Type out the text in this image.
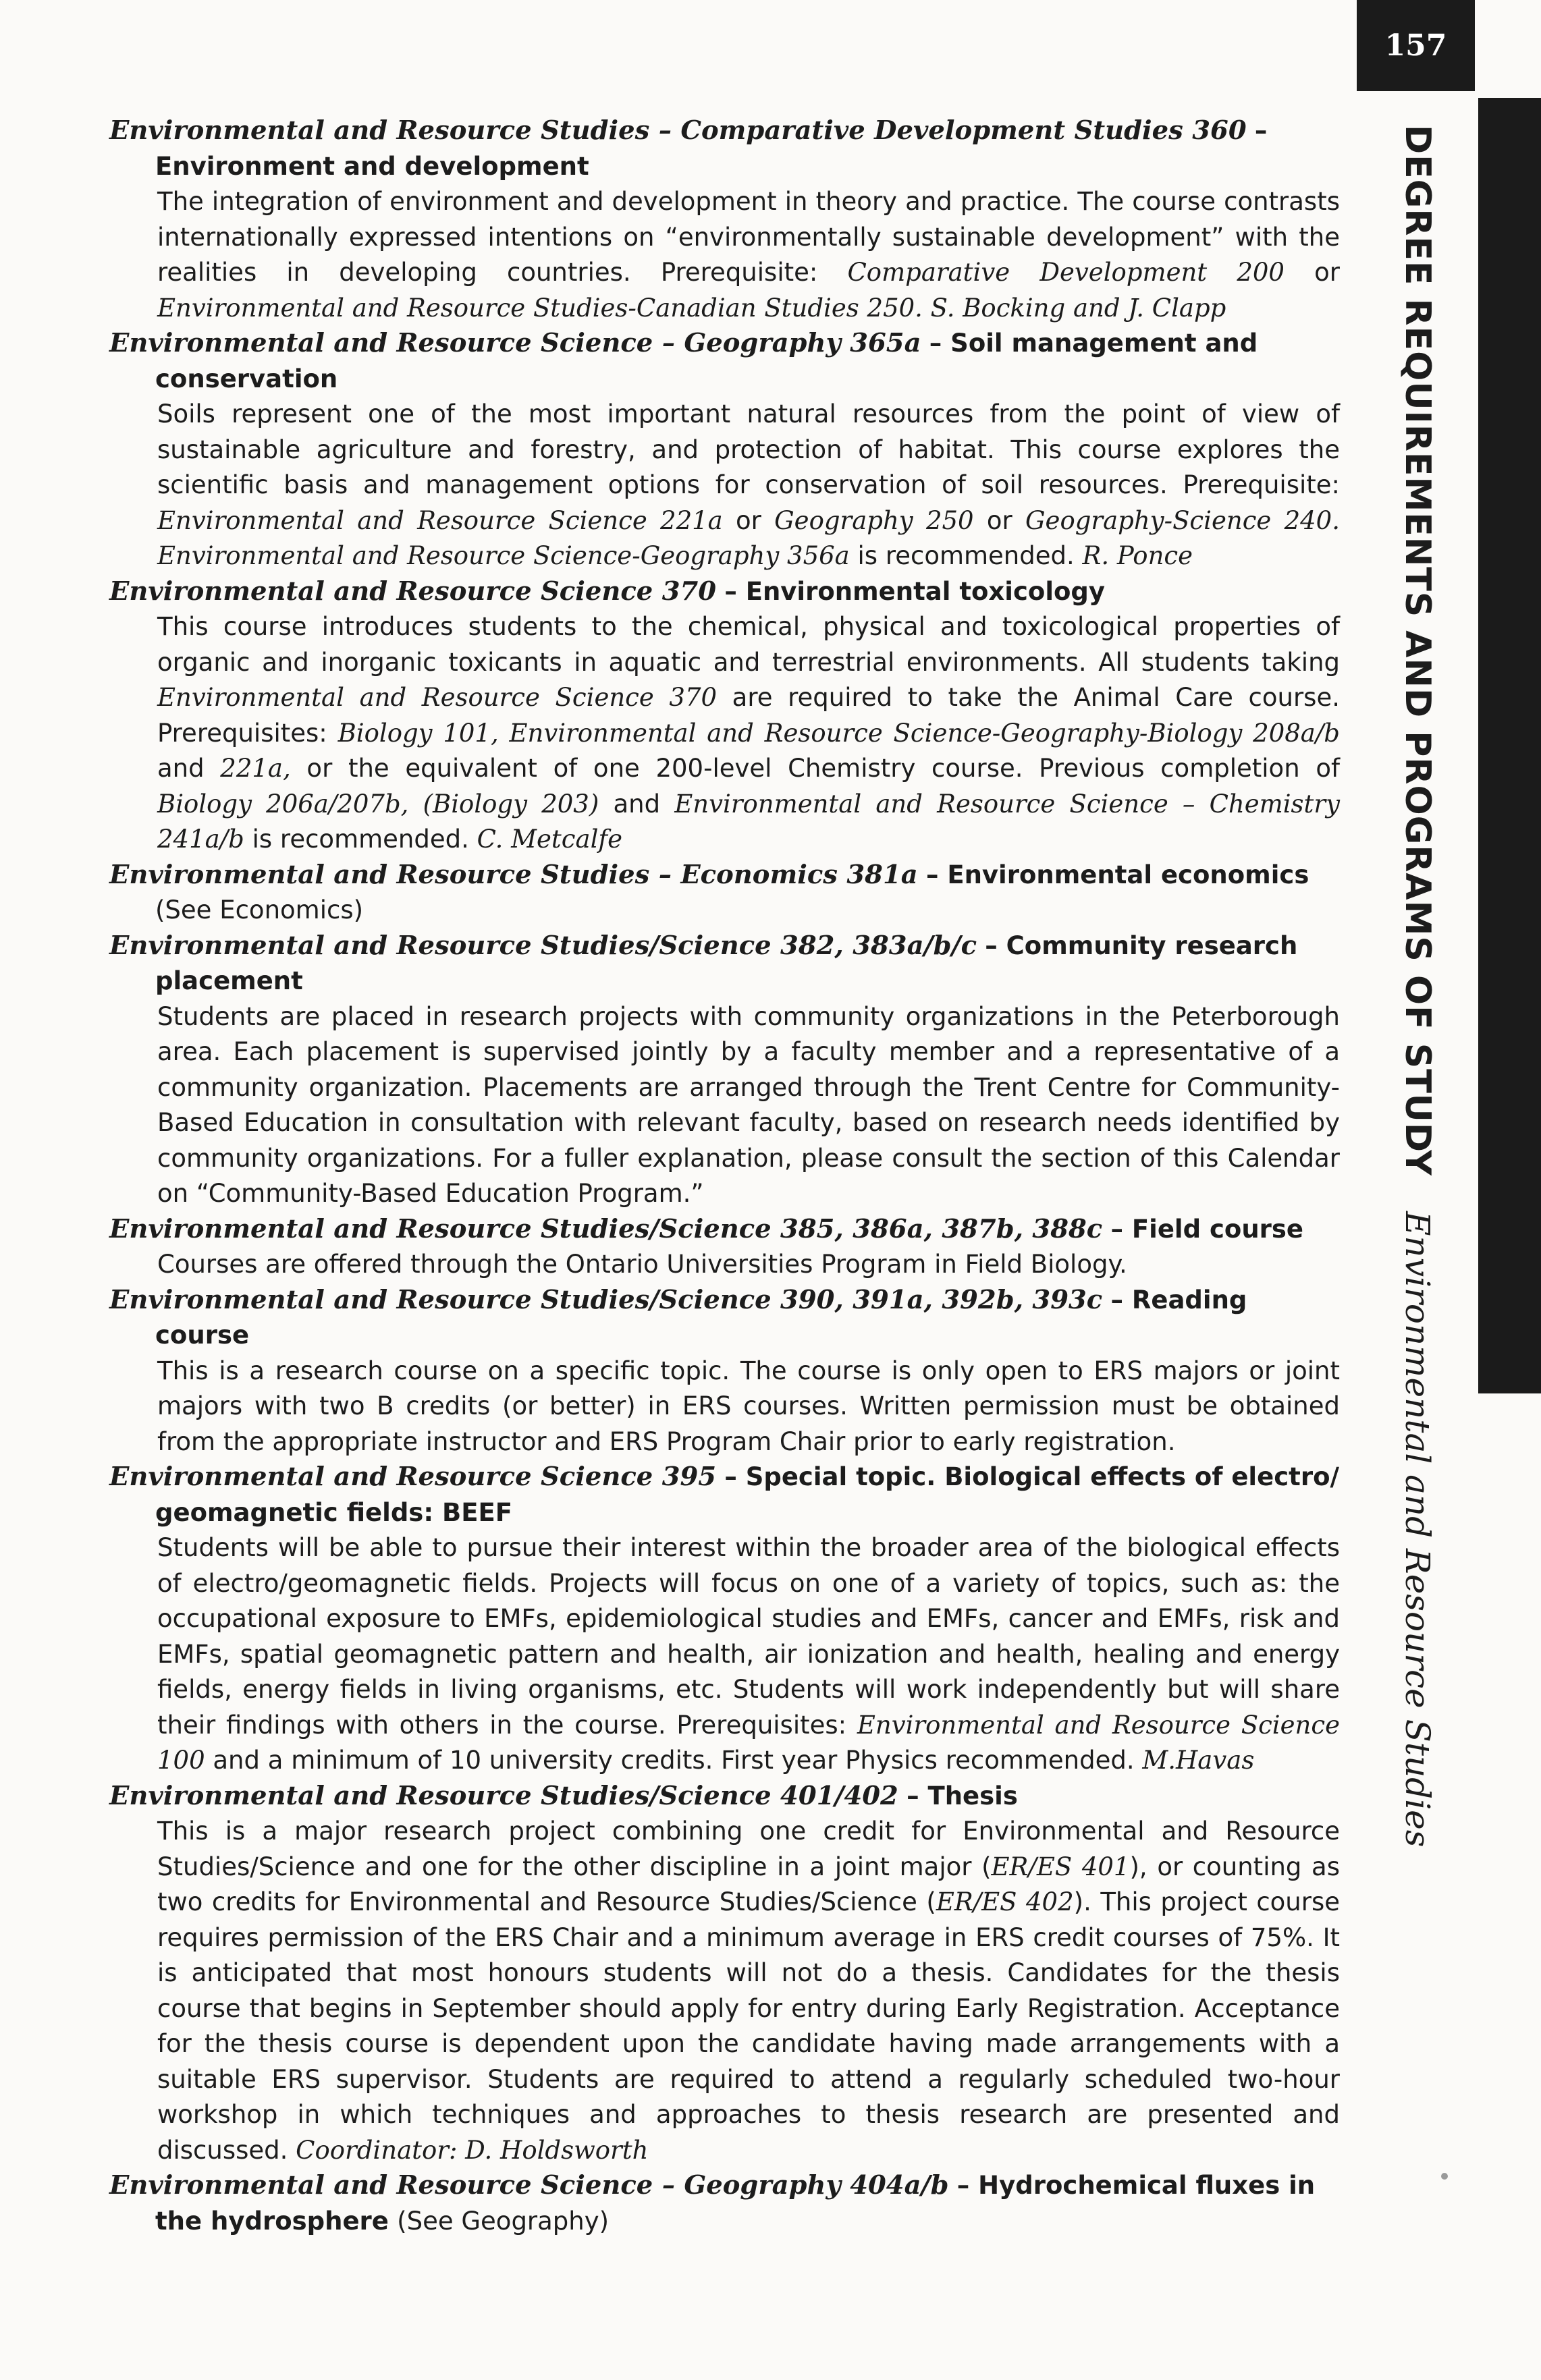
157
DEGREE REQUIREMENTS AND PROGRAMS OF STUDY Environmental and Resource Studies
Environmental and Resource Studies – Comparative Development Studies 360 – Environment and development
The integration of environment and development in theory and practice. The course contrasts internationally expressed intentions on “environmentally sustainable development” with the realities in developing countries. Prerequisite: Comparative Development 200 or Environmental and Resource Studies-Canadian Studies 250. S. Bocking and J. Clapp
Environmental and Resource Science – Geography 365a – Soil management and conservation
Soils represent one of the most important natural resources from the point of view of sustainable agriculture and forestry, and protection of habitat. This course explores the scientific basis and management options for conservation of soil resources. Prerequisite: Environmental and Resource Science 221a or Geography 250 or Geography-Science 240. Environmental and Resource Science-Geography 356a is recommended. R. Ponce
Environmental and Resource Science 370 – Environmental toxicology
This course introduces students to the chemical, physical and toxicological properties of organic and inorganic toxicants in aquatic and terrestrial environments. All students taking Environmental and Resource Science 370 are required to take the Animal Care course. Prerequisites: Biology 101, Environmental and Resource Science-Geography-Biology 208a/b and 221a, or the equivalent of one 200-level Chemistry course. Previous completion of Biology 206a/207b, (Biology 203) and Environmental and Resource Science – Chemistry 241a/b is recommended. C. Metcalfe
Environmental and Resource Studies – Economics 381a – Environmental economics (See Economics)
Environmental and Resource Studies/Science 382, 383a/b/c – Community research placement
Students are placed in research projects with community organizations in the Peterborough area. Each placement is supervised jointly by a faculty member and a representative of a community organization. Placements are arranged through the Trent Centre for Community-Based Education in consultation with relevant faculty, based on research needs identified by community organizations. For a fuller explanation, please consult the section of this Calendar on “Community-Based Education Program.”
Environmental and Resource Studies/Science 385, 386a, 387b, 388c – Field course
Courses are offered through the Ontario Universities Program in Field Biology.
Environmental and Resource Studies/Science 390, 391a, 392b, 393c – Reading course
This is a research course on a specific topic. The course is only open to ERS majors or joint majors with two B credits (or better) in ERS courses. Written permission must be obtained from the appropriate instructor and ERS Program Chair prior to early registration.
Environmental and Resource Science 395 – Special topic. Biological effects of electro/ geomagnetic fields: BEEF
Students will be able to pursue their interest within the broader area of the biological effects of electro/geomagnetic fields. Projects will focus on one of a variety of topics, such as: the occupational exposure to EMFs, epidemiological studies and EMFs, cancer and EMFs, risk and EMFs, spatial geomagnetic pattern and health, air ionization and health, healing and energy fields, energy fields in living organisms, etc. Students will work independently but will share their findings with others in the course. Prerequisites: Environmental and Resource Science 100 and a minimum of 10 university credits. First year Physics recommended. M.Havas
Environmental and Resource Studies/Science 401/402 – Thesis
This is a major research project combining one credit for Environmental and Resource Studies/Science and one for the other discipline in a joint major (ER/ES 401), or counting as two credits for Environmental and Resource Studies/Science (ER/ES 402). This project course requires permission of the ERS Chair and a minimum average in ERS credit courses of 75%. It is anticipated that most honours students will not do a thesis. Candidates for the thesis course that begins in September should apply for entry during Early Registration. Acceptance for the thesis course is dependent upon the candidate having made arrangements with a suitable ERS supervisor. Students are required to attend a regularly scheduled two-hour workshop in which techniques and approaches to thesis research are presented and discussed. Coordinator: D. Holdsworth
Environmental and Resource Science – Geography 404a/b – Hydrochemical fluxes in the hydrosphere (See Geography)
